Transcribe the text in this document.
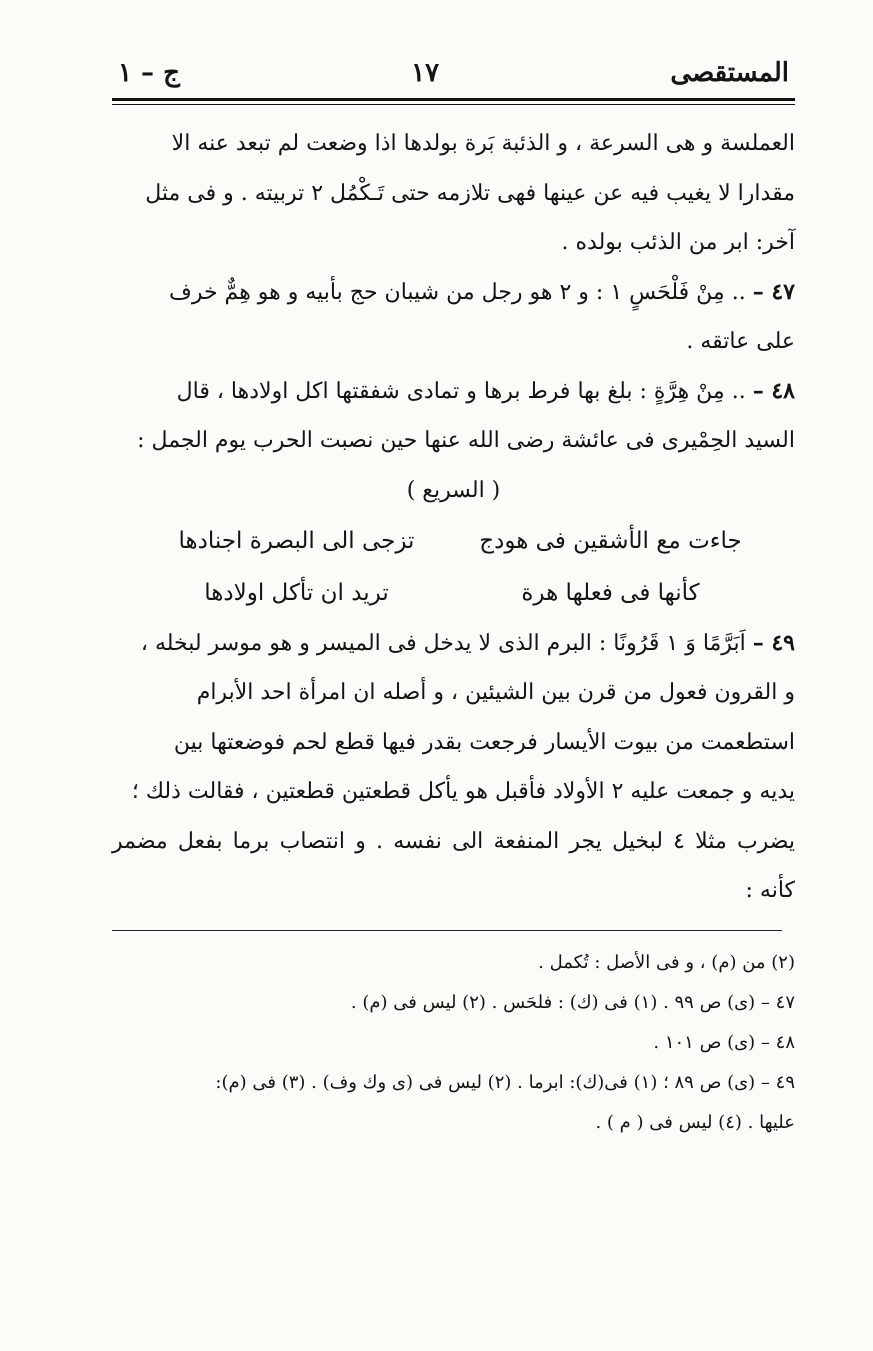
المستقصى
١٧
ج – ١

العملسة و هى السرعة ، و الذئبة بَرة بولدها اذا وضعت لم تبعد عنه الا
مقدارا لا يغيب فيه عن عينها فهى تلازمه حتى تَـكْمُل ٢ تربيته . و فى مثل
آخر: ابر من الذئب بولده .

٤٧ – .. مِنْ فَلْحَسٍ ١ : و ٢ هو رجل من شيبان حج بأبيه و هو هِمٌّ خرف
على عاتقه .

٤٨ – .. مِنْ هِرَّةٍ : بلغ بها فرط برها و تمادى شفقتها اكل اولادها ، قال
السيد الحِمْيرى فى عائشة رضى الله عنها حين نصبت الحرب يوم الجمل :

( السريع )
جاءت مع الأشقين فى هودج
تزجى الى البصرة اجنادها
كأنها فى فعلها هرة
تريد ان تأكل اولادها

٤٩ – اَبَرَّمًا وَ ١ قَرُونًا : البرم الذى لا يدخل فى الميسر و هو موسر لبخله ،
و القرون فعول من قرن بين الشيئين ، و أصله ان امرأة احد الأبرام
استطعمت من بيوت الأيسار فرجعت بقدر فيها قطع لحم فوضعتها بين
يديه و جمعت عليه ٢ الأولاد فأقبل هو يأكل قطعتين قطعتين ، فقالت ذلك ؛
يضرب مثلا ٤ لبخيل يجر المنفعة الى نفسه . و انتصاب برما بفعل مضمر كأنه :

(٢) من (م) ، و فى الأصل : تُكمل .

٤٧ – (ى) ص ٩٩ . (١) فى (ك) : فلحَس . (٢) ليس فى (م) .

٤٨ – (ى) ص ١٠١ .

٤٩ – (ى) ص ٨٩ ؛ (١) فى(ك): ابرما . (٢) ليس فى (ى وك وف) . (٣) فى (م):

عليها . (٤) ليس فى ( م ) .
